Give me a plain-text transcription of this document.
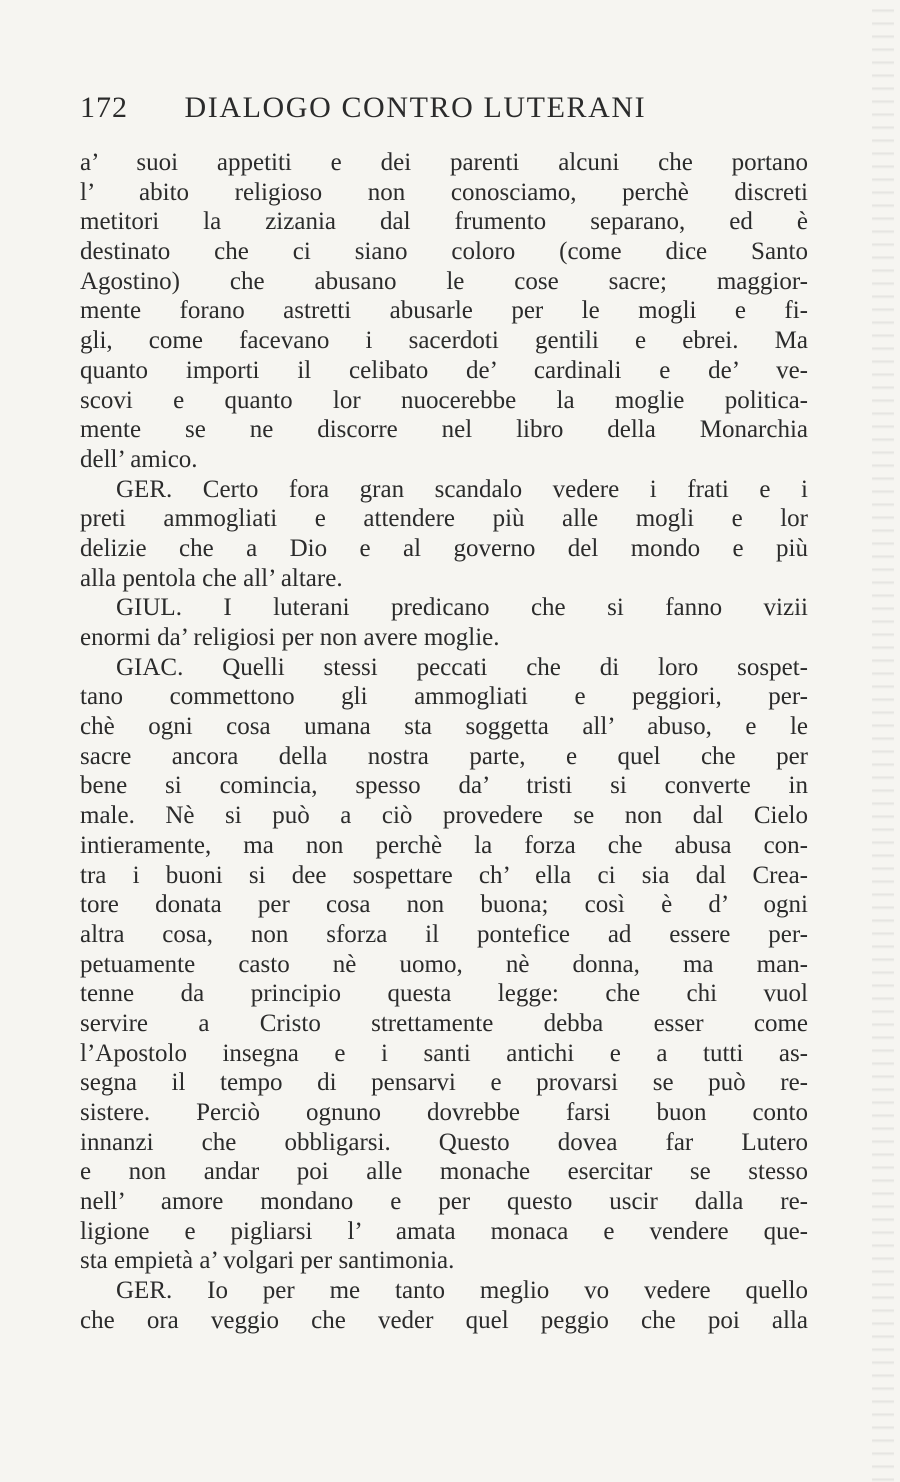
172 DIALOGO CONTRO LUTERANI
a’ suoi appetiti e dei parenti alcuni che portano
l’ abito religioso non conosciamo, perchè discreti
metitori la zizania dal frumento separano, ed è
destinato che ci siano coloro (come dice Santo
Agostino) che abusano le cose sacre; maggior-
mente forano astretti abusarle per le mogli e fi-
gli, come facevano i sacerdoti gentili e ebrei. Ma
quanto importi il celibato de’ cardinali e de’ ve-
scovi e quanto lor nuocerebbe la moglie politica-
mente se ne discorre nel libro della Monarchia
dell’ amico.
GER. Certo fora gran scandalo vedere i frati e i
preti ammogliati e attendere più alle mogli e lor
delizie che a Dio e al governo del mondo e più
alla pentola che all’ altare.
GIUL. I luterani predicano che si fanno vizii
enormi da’ religiosi per non avere moglie.
GIAC. Quelli stessi peccati che di loro sospet-
tano commettono gli ammogliati e peggiori, per-
chè ogni cosa umana sta soggetta all’ abuso, e le
sacre ancora della nostra parte, e quel che per
bene si comincia, spesso da’ tristi si converte in
male. Nè si può a ciò provedere se non dal Cielo
intieramente, ma non perchè la forza che abusa con-
tra i buoni si dee sospettare ch’ ella ci sia dal Crea-
tore donata per cosa non buona; così è d’ ogni
altra cosa, non sforza il pontefice ad essere per-
petuamente casto nè uomo, nè donna, ma man-
tenne da principio questa legge: che chi vuol
servire a Cristo strettamente debba esser come
l’Apostolo insegna e i santi antichi e a tutti as-
segna il tempo di pensarvi e provarsi se può re-
sistere. Perciò ognuno dovrebbe farsi buon conto
innanzi che obbligarsi. Questo dovea far Lutero
e non andar poi alle monache esercitar se stesso
nell’ amore mondano e per questo uscir dalla re-
ligione e pigliarsi l’ amata monaca e vendere que-
sta empietà a’ volgari per santimonia.
GER. Io per me tanto meglio vo vedere quello
che ora veggio che veder quel peggio che poi alla
